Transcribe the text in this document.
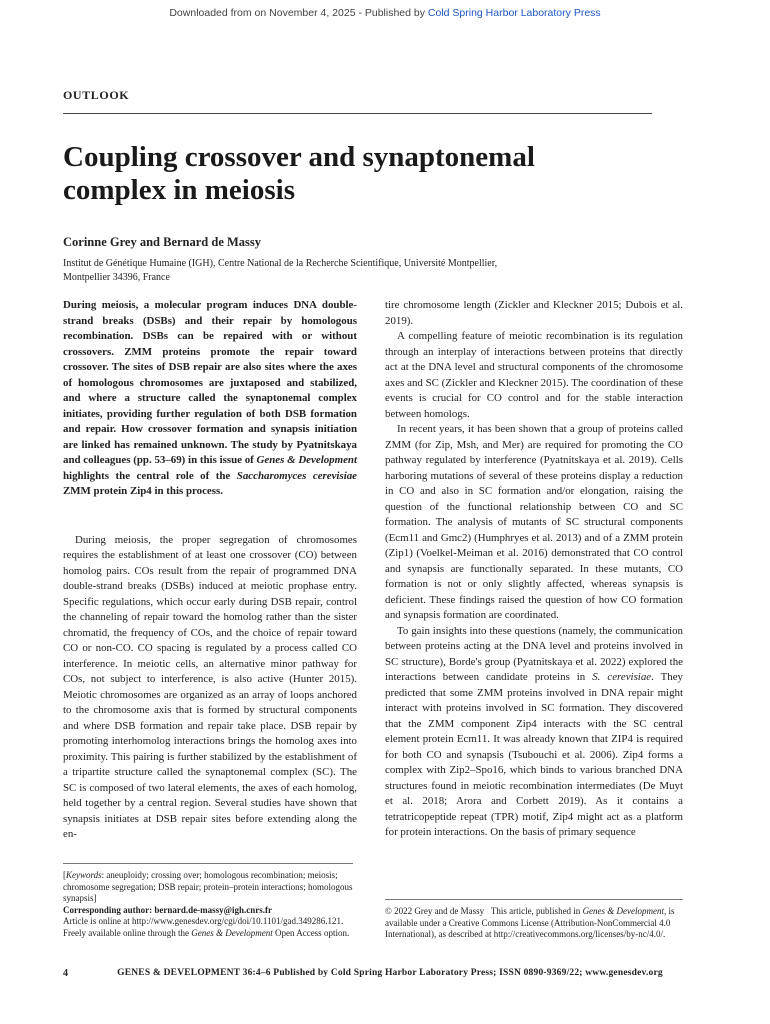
Downloaded from on November 4, 2025 - Published by Cold Spring Harbor Laboratory Press
OUTLOOK
Coupling crossover and synaptonemal
complex in meiosis
Corinne Grey and Bernard de Massy
Institut de Génétique Humaine (IGH), Centre National de la Recherche Scientifique, Université Montpellier,
Montpellier 34396, France

During meiosis, a molecular program induces DNA double-strand breaks (DSBs) and their repair by homologous recombination. DSBs can be repaired with or without crossovers. ZMM proteins promote the repair toward crossover. The sites of DSB repair are also sites where the axes of homologous chromosomes are juxtaposed and stabilized, and where a structure called the synaptonemal complex initiates, providing further regulation of both DSB formation and repair. How crossover formation and synapsis initiation are linked has remained unknown. The study by Pyatnitskaya and colleagues (pp. 53–69) in this issue of Genes & Development highlights the central role of the Saccharomyces cerevisiae ZMM protein Zip4 in this process.

During meiosis, the proper segregation of chromosomes requires the establishment of at least one crossover (CO) between homolog pairs. COs result from the repair of programmed DNA double-strand breaks (DSBs) induced at meiotic prophase entry. Specific regulations, which occur early during DSB repair, control the channeling of repair toward the homolog rather than the sister chromatid, the frequency of COs, and the choice of repair toward CO or non-CO. CO spacing is regulated by a process called CO interference. In meiotic cells, an alternative minor pathway for COs, not subject to interference, is also active (Hunter 2015). Meiotic chromosomes are organized as an array of loops anchored to the chromosome axis that is formed by structural components and where DSB formation and repair take place. DSB repair by promoting interhomolog interactions brings the homolog axes into proximity. This pairing is further stabilized by the establishment of a tripartite structure called the synaptonemal complex (SC). The SC is composed of two lateral elements, the axes of each homolog, held together by a central region. Several studies have shown that synapsis initiates at DSB repair sites before extending along the en-

tire chromosome length (Zickler and Kleckner 2015; Dubois et al. 2019).

A compelling feature of meiotic recombination is its regulation through an interplay of interactions between proteins that directly act at the DNA level and structural components of the chromosome axes and SC (Zickler and Kleckner 2015). The coordination of these events is crucial for CO control and for the stable interaction between homologs.

In recent years, it has been shown that a group of proteins called ZMM (for Zip, Msh, and Mer) are required for promoting the CO pathway regulated by interference (Pyatnitskaya et al. 2019). Cells harboring mutations of several of these proteins display a reduction in CO and also in SC formation and/or elongation, raising the question of the functional relationship between CO and SC formation. The analysis of mutants of SC structural components (Ecm11 and Gmc2) (Humphryes et al. 2013) and of a ZMM protein (Zip1) (Voelkel-Meiman et al. 2016) demonstrated that CO control and synapsis are functionally separated. In these mutants, CO formation is not or only slightly affected, whereas synapsis is deficient. These findings raised the question of how CO formation and synapsis formation are coordinated.

To gain insights into these questions (namely, the communication between proteins acting at the DNA level and proteins involved in SC structure), Borde's group (Pyatnitskaya et al. 2022) explored the interactions between candidate proteins in S. cerevisiae. They predicted that some ZMM proteins involved in DNA repair might interact with proteins involved in SC formation. They discovered that the ZMM component Zip4 interacts with the SC central element protein Ecm11. It was already known that ZIP4 is required for both CO and synapsis (Tsubouchi et al. 2006). Zip4 forms a complex with Zip2–Spo16, which binds to various branched DNA structures found in meiotic recombination intermediates (De Muyt et al. 2018; Arora and Corbett 2019). As it contains a tetratricopeptide repeat (TPR) motif, Zip4 might act as a platform for protein interactions. On the basis of primary sequence

[Keywords: aneuploidy; crossing over; homologous recombination; meiosis; chromosome segregation; DSB repair; protein–protein interactions; homologous synapsis]
Corresponding author: bernard.de-massy@igh.cnrs.fr
Article is online at http://www.genesdev.org/cgi/doi/10.1101/gad.349286.121. Freely available online through the Genes & Development Open Access option.
© 2022 Grey and de Massy This article, published in Genes & Development, is available under a Creative Commons License (Attribution-NonCommercial 4.0 International), as described at http://creativecommons.org/licenses/by-nc/4.0/.
4	GENES & DEVELOPMENT 36:4–6 Published by Cold Spring Harbor Laboratory Press; ISSN 0890-9369/22; www.genesdev.org
